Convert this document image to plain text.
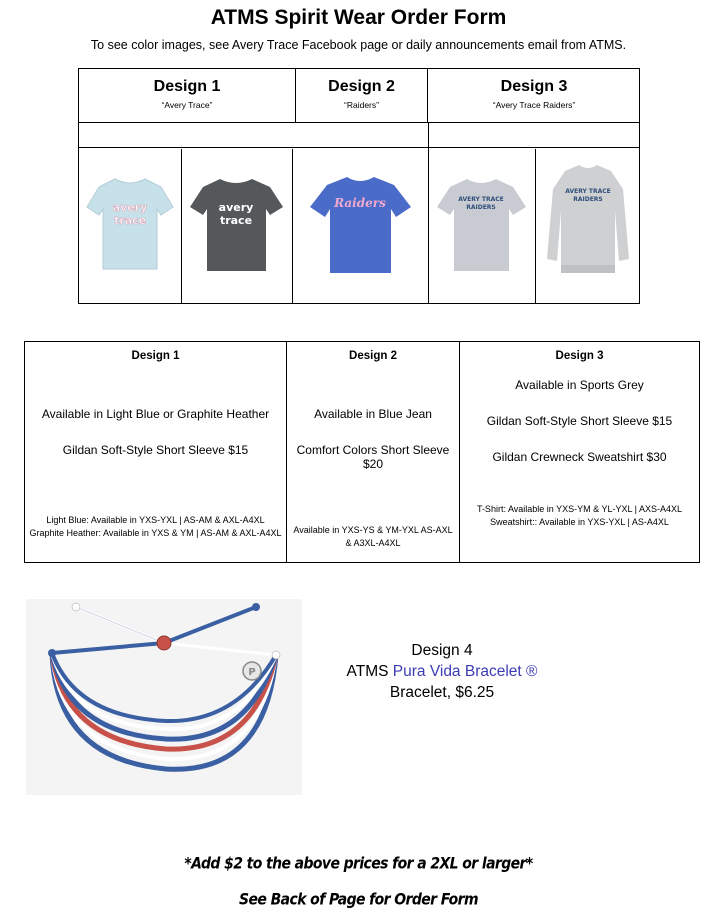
ATMS Spirit Wear Order Form
To see color images, see Avery Trace Facebook page or daily announcements email from ATMS.
Design 1
“Avery Trace”
Design 2
“Raiders”
Design 3
“Avery Trace Raiders”
avery
trace
avery
trace
Raiders	AVERY TRACE
RAIDERS
AVERY TRACE
RAIDERS
Design 1
Available in Light Blue or Graphite Heather
Gildan Soft-Style Short Sleeve $15
Light Blue: Available in YXS-YXL | AS-AM & AXL-A4XL Graphite Heather: Available in YXS & YM | AS-AM & AXL-A4XL
Design 2
Available in Blue Jean
Comfort Colors Short Sleeve $20
Available in YXS-YS & YM-YXL AS-AXL & A3XL-A4XL
Design 3
Available in Sports Grey
Gildan Soft-Style Short Sleeve $15
Gildan Crewneck Sweatshirt $30
T-Shirt: Available in YXS-YM & YL-YXL | AXS-A4XL Sweatshirt:: Available in YXS-YXL | AS-A4XL
P
Design 4
ATMS Pura Vida Bracelet ®
Bracelet, $6.25
*Add $2 to the above prices for a 2XL or larger*
See Back of Page for Order Form
